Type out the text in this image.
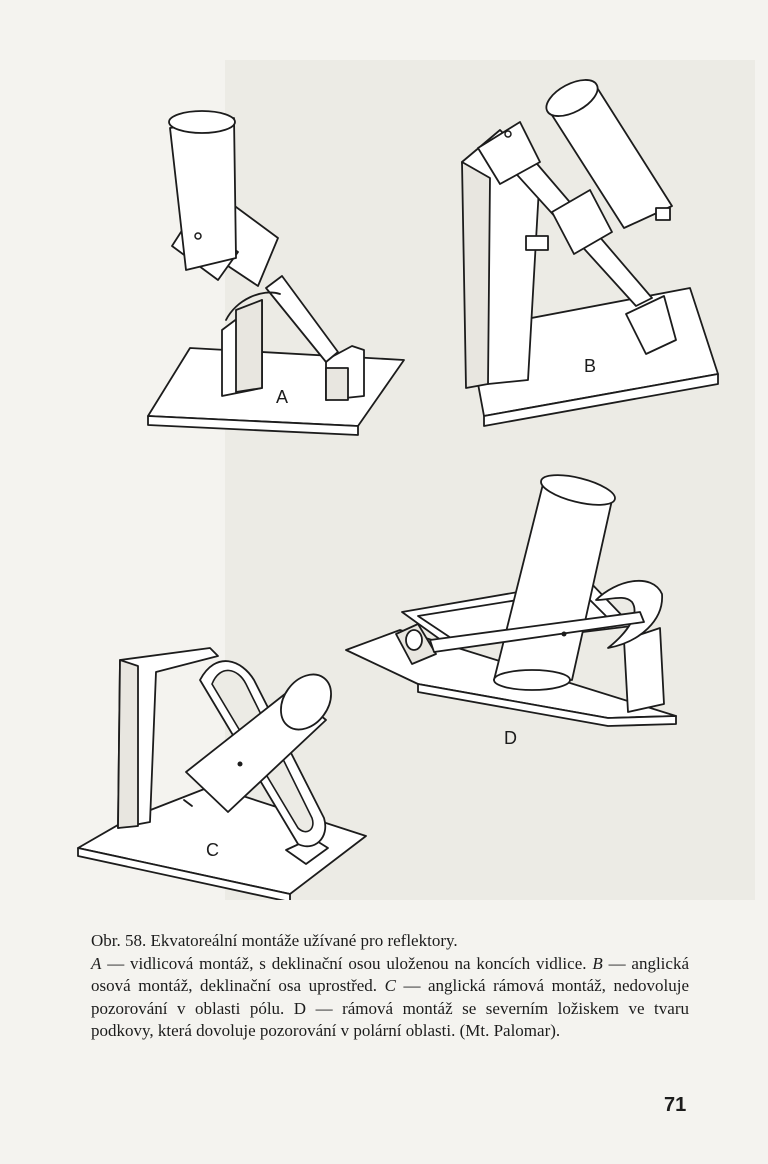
A
B
D
C

Obr. 58. Ekvatoreální montáže užívané pro reflektory.

A — vidlicová montáž, s deklinační osou uloženou na koncích vidlice. B — anglická osová montáž, deklinační osa uprostřed. C — anglická rámová montáž, nedovoluje pozorování v oblasti pólu. D — rámová montáž se severním ložiskem ve tvaru podkovy, která dovoluje pozorování v polární oblasti. (Mt. Palomar).

71
